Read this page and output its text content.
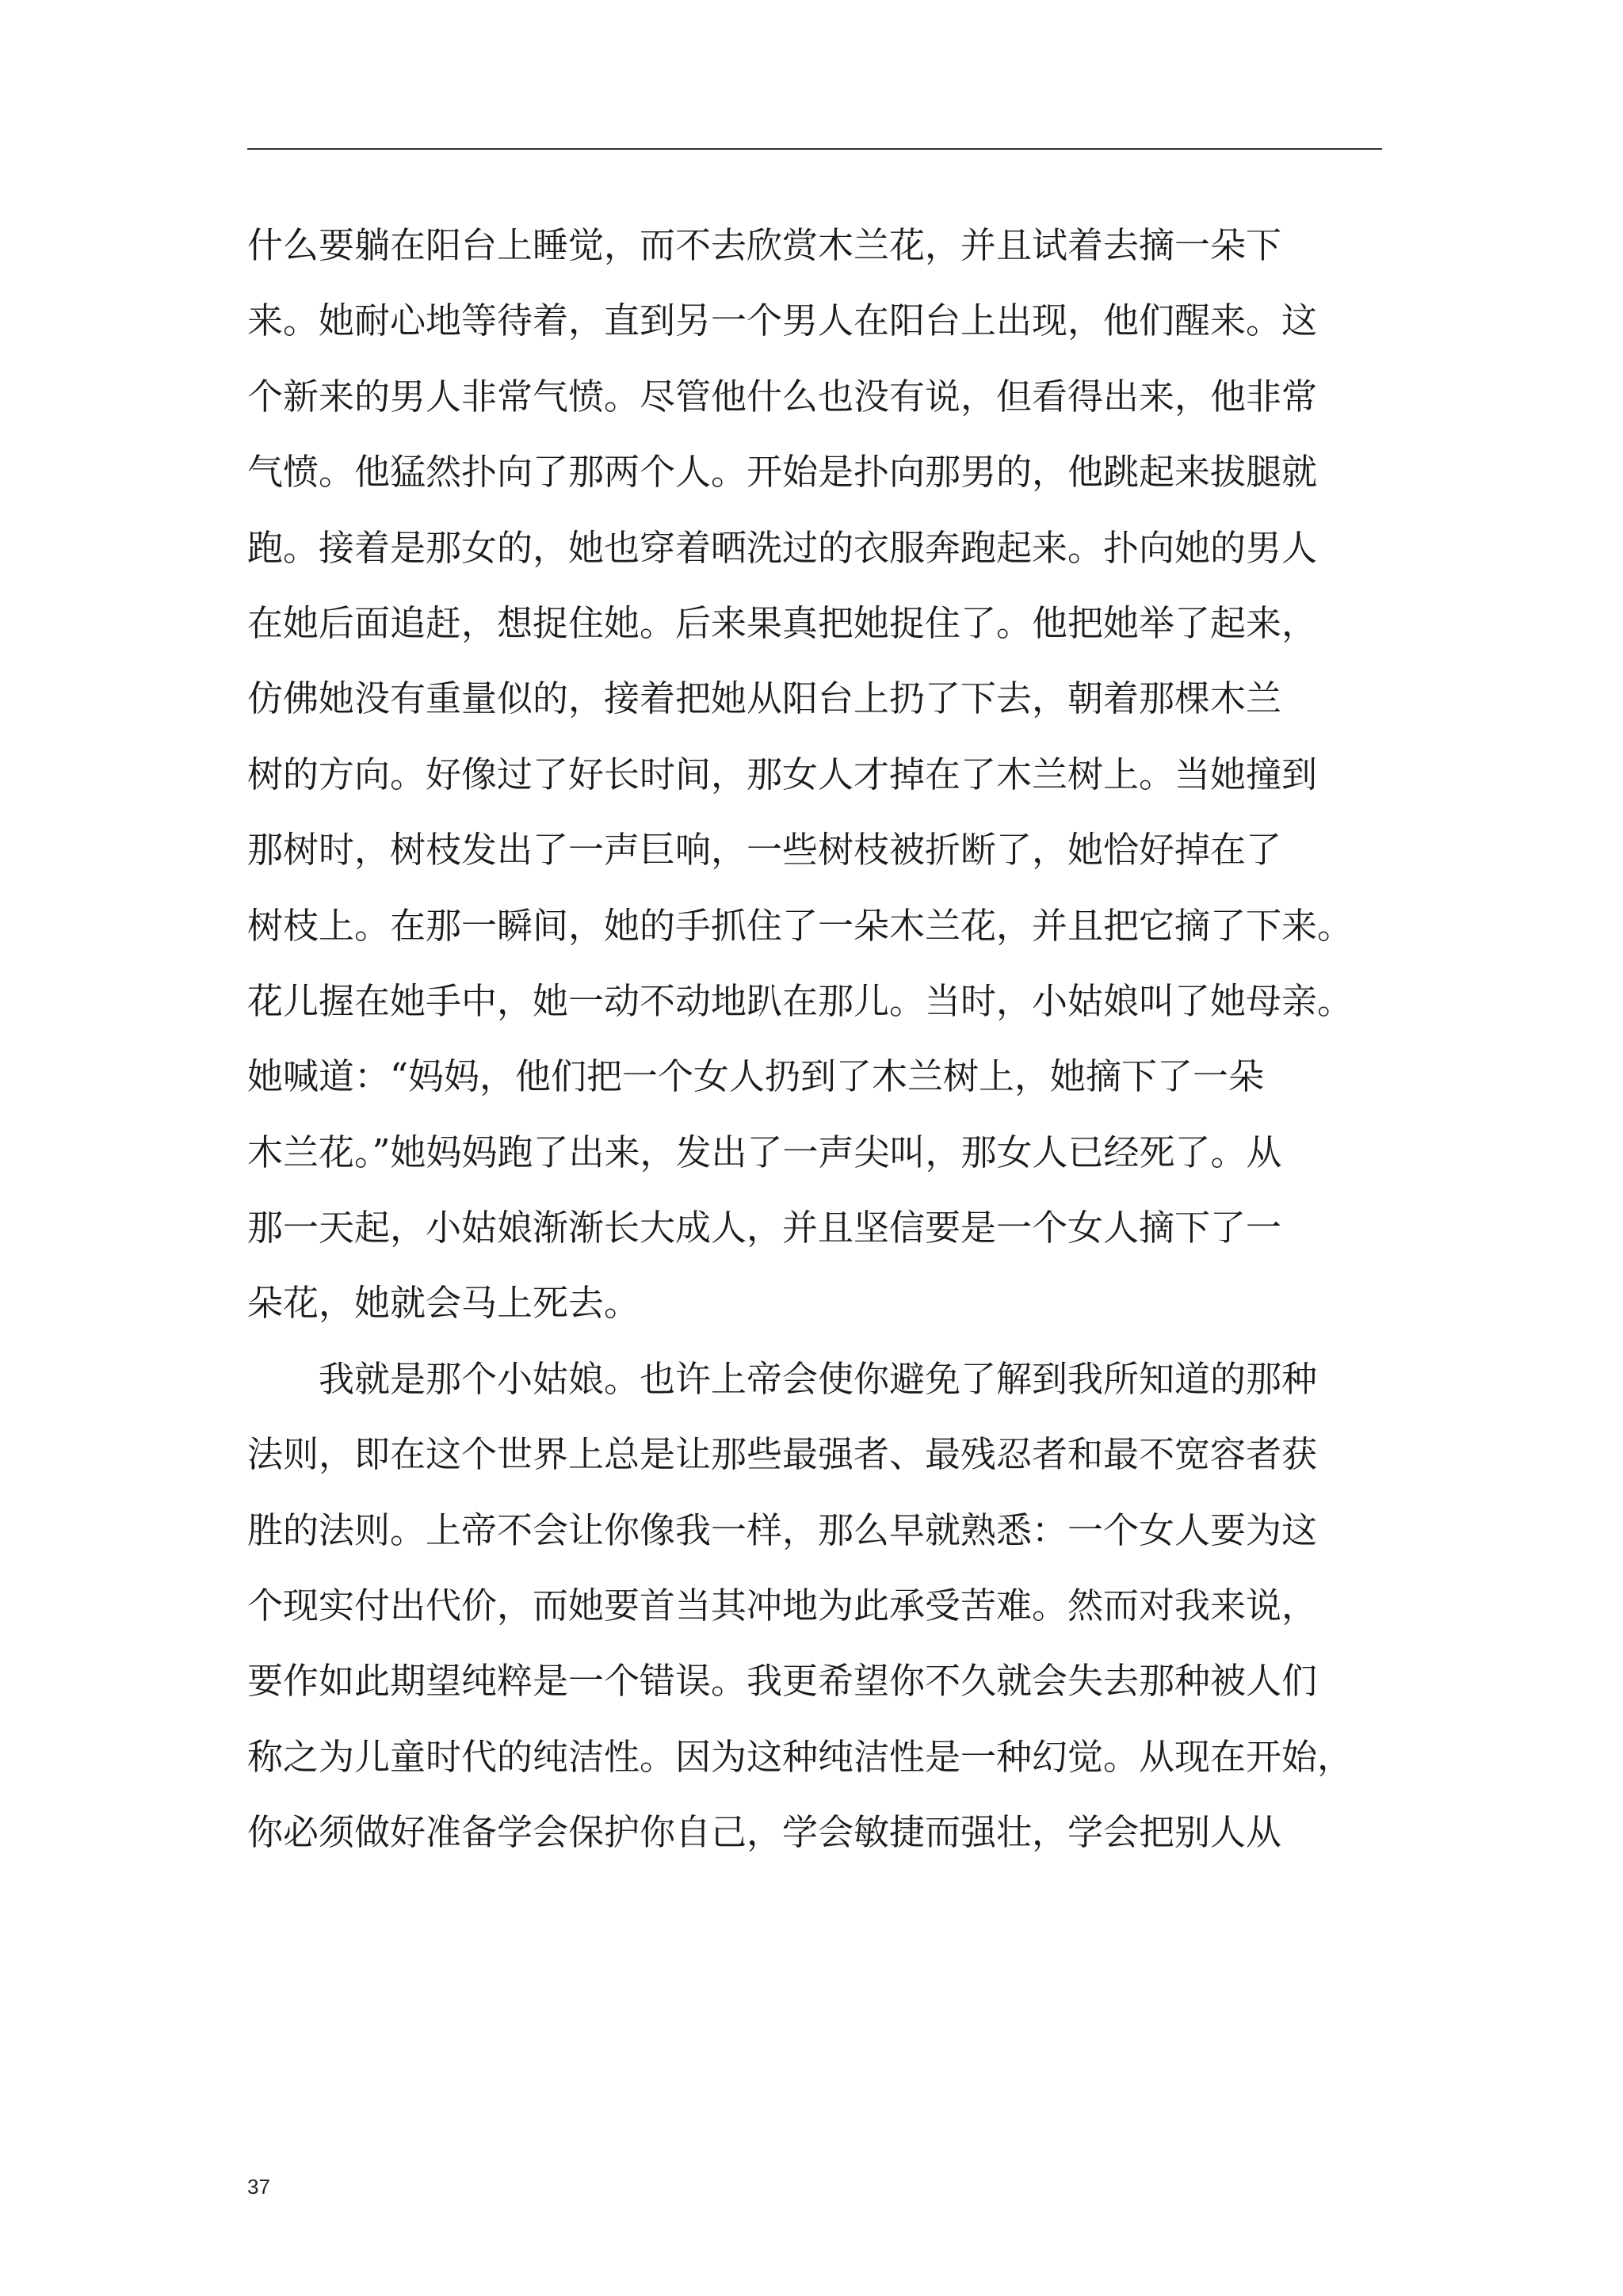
什么要躺在阳台上睡觉，而不去欣赏木兰花，并且试着去摘一朵下
来。她耐心地等待着，直到另一个男人在阳台上出现，他们醒来。这
个新来的男人非常气愤。尽管他什么也没有说，但看得出来，他非常
气愤。他猛然扑向了那两个人。开始是扑向那男的，他跳起来拔腿就
跑。接着是那女的，她也穿着晒洗过的衣服奔跑起来。扑向她的男人
在她后面追赶，想捉住她。后来果真把她捉住了。他把她举了起来，
仿佛她没有重量似的，接着把她从阳台上扔了下去，朝着那棵木兰
树的方向。好像过了好长时间，那女人才掉在了木兰树上。当她撞到
那树时，树枝发出了一声巨响，一些树枝被折断了，她恰好掉在了
树枝上。在那一瞬间，她的手抓住了一朵木兰花，并且把它摘了下来。
花儿握在她手中，她一动不动地趴在那儿。当时，小姑娘叫了她母亲。
她喊道：“妈妈，他们把一个女人扔到了木兰树上，她摘下了一朵
木兰花。”她妈妈跑了出来，发出了一声尖叫，那女人已经死了。从
那一天起，小姑娘渐渐长大成人，并且坚信要是一个女人摘下了一
朵花，她就会马上死去。
我就是那个小姑娘。也许上帝会使你避免了解到我所知道的那种
法则，即在这个世界上总是让那些最强者、最残忍者和最不宽容者获
胜的法则。上帝不会让你像我一样，那么早就熟悉：一个女人要为这
个现实付出代价，而她要首当其冲地为此承受苦难。然而对我来说，
要作如此期望纯粹是一个错误。我更希望你不久就会失去那种被人们
称之为儿童时代的纯洁性。因为这种纯洁性是一种幻觉。从现在开始，
你必须做好准备学会保护你自己，学会敏捷而强壮，学会把别人从
37
